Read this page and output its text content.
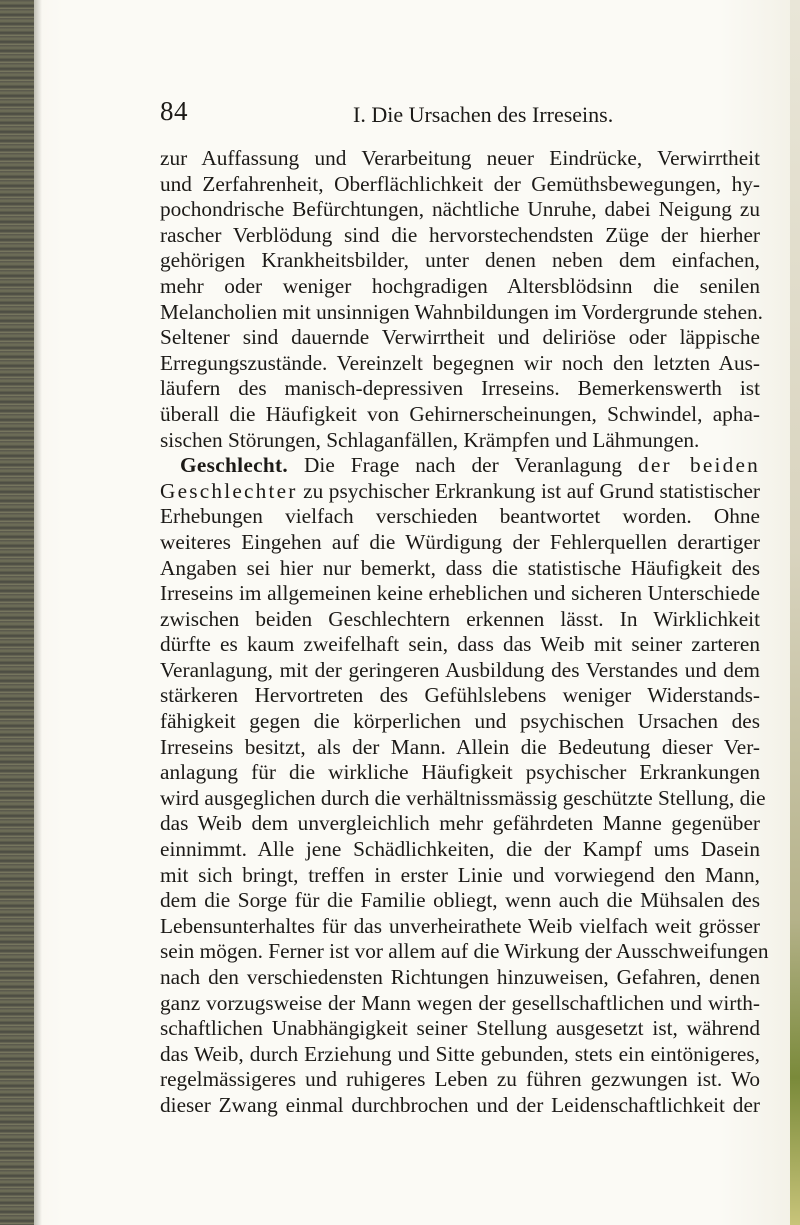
84	I. Die Ursachen des Irreseins.
zur Auffassung und Verarbeitung neuer Eindrücke, Verwirrtheit
und Zerfahrenheit, Oberflächlichkeit der Gemüthsbewegungen, hy-
pochondrische Befürchtungen, nächtliche Unruhe, dabei Neigung zu
rascher Verblödung sind die hervorstechendsten Züge der hierher
gehörigen Krankheitsbilder, unter denen neben dem einfachen,
mehr oder weniger hochgradigen Altersblödsinn die senilen
Melancholien mit unsinnigen Wahnbildungen im Vordergrunde stehen.
Seltener sind dauernde Verwirrtheit und deliriöse oder läppische
Erregungszustände. Vereinzelt begegnen wir noch den letzten Aus-
läufern des manisch-depressiven Irreseins. Bemerkenswerth ist
überall die Häufigkeit von Gehirnerscheinungen, Schwindel, apha-
sischen Störungen, Schlaganfällen, Krämpfen und Lähmungen.
Geschlecht. Die Frage nach der Veranlagung der beiden
Geschlechter zu psychischer Erkrankung ist auf Grund statistischer
Erhebungen vielfach verschieden beantwortet worden. Ohne
weiteres Eingehen auf die Würdigung der Fehlerquellen derartiger
Angaben sei hier nur bemerkt, dass die statistische Häufigkeit des
Irreseins im allgemeinen keine erheblichen und sicheren Unterschiede
zwischen beiden Geschlechtern erkennen lässt. In Wirklichkeit
dürfte es kaum zweifelhaft sein, dass das Weib mit seiner zarteren
Veranlagung, mit der geringeren Ausbildung des Verstandes und dem
stärkeren Hervortreten des Gefühlslebens weniger Widerstands-
fähigkeit gegen die körperlichen und psychischen Ursachen des
Irreseins besitzt, als der Mann. Allein die Bedeutung dieser Ver-
anlagung für die wirkliche Häufigkeit psychischer Erkrankungen
wird ausgeglichen durch die verhältnissmässig geschützte Stellung, die
das Weib dem unvergleichlich mehr gefährdeten Manne gegenüber
einnimmt. Alle jene Schädlichkeiten, die der Kampf ums Dasein
mit sich bringt, treffen in erster Linie und vorwiegend den Mann,
dem die Sorge für die Familie obliegt, wenn auch die Mühsalen des
Lebensunterhaltes für das unverheirathete Weib vielfach weit grösser
sein mögen. Ferner ist vor allem auf die Wirkung der Ausschweifungen
nach den verschiedensten Richtungen hinzuweisen, Gefahren, denen
ganz vorzugsweise der Mann wegen der gesellschaftlichen und wirth-
schaftlichen Unabhängigkeit seiner Stellung ausgesetzt ist, während
das Weib, durch Erziehung und Sitte gebunden, stets ein eintönigeres,
regelmässigeres und ruhigeres Leben zu führen gezwungen ist. Wo
dieser Zwang einmal durchbrochen und der Leidenschaftlichkeit der
